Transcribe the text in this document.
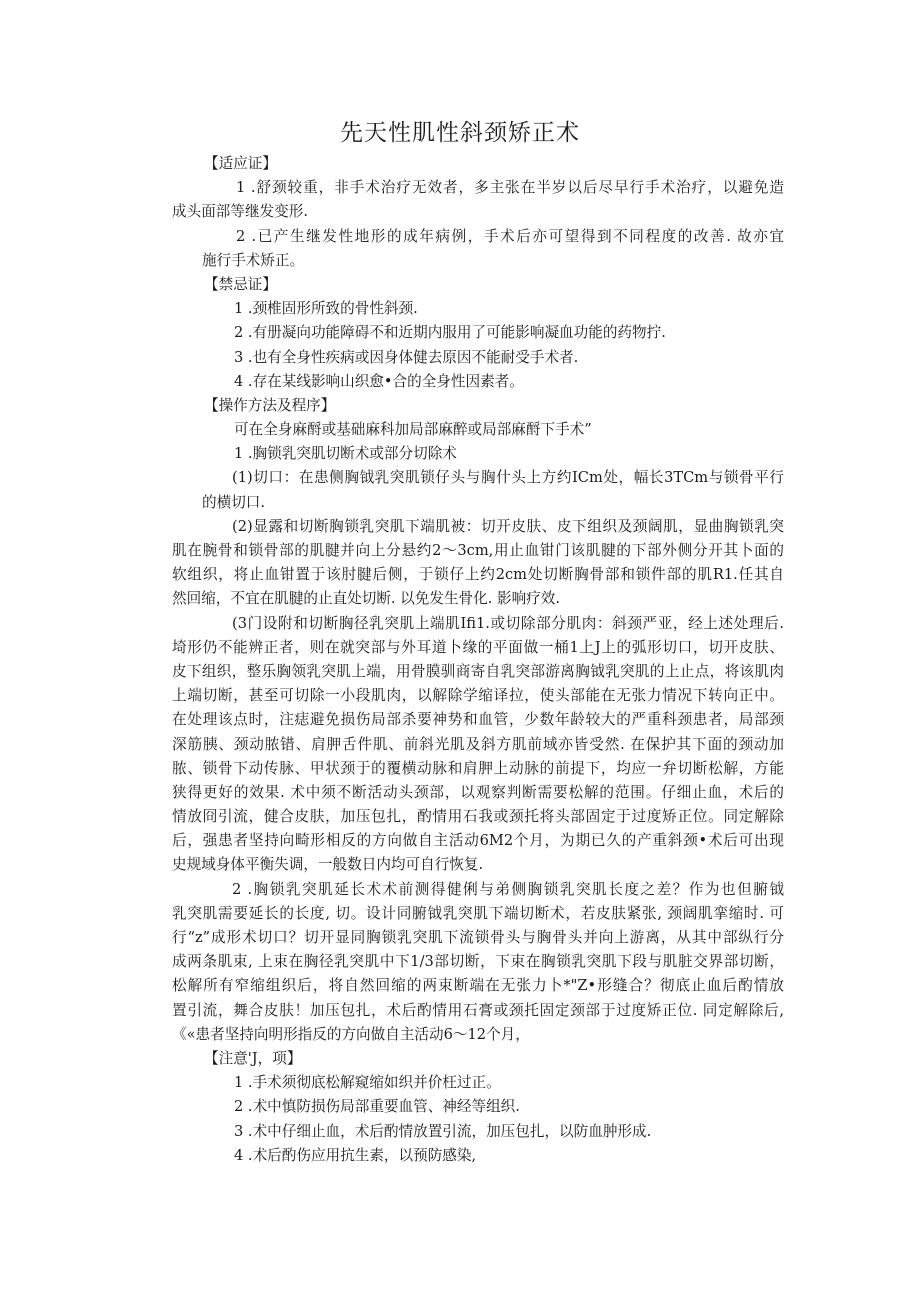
先天性肌性斜颈矫正术
【适应证】
1 .舒颈较重，非手术治疗无效者，多主张在半岁以后尽早行手术治疗，以避免造
成头面部等继发变形.
2 .已产生继发性地形的成年病例，手术后亦可望得到不同程度的改善. 故亦宜
施行手术矫正。
【禁忌证】
1 .颈椎固形所致的骨性斜颈.
2 .有册凝向功能障碍不和近期内服用了可能影响凝血功能的药物拧.
3 .也有全身性疾病或因身体健去原因不能耐受手术者.
4 .存在某线影响山织愈•合的全身性因素者。
【操作方法及程序】
可在全身麻酹或基础麻科加局部麻醉或局部麻酹下手术”
1 .胸锁乳突肌切断术或部分切除术
(1)切口：在患侧胸钺乳突肌锁仔头与胸什头上方约ICm处，幅长3TCm与锁骨平行
的横切口.
(2)显露和切断胸锁乳突肌下端肌被：切开皮肤、皮下组织及颈阔肌，显曲胸锁乳突
肌在腕骨和锁骨部的肌腱并向上分悬约2～3cm,用止血钳门该肌腱的下部外侧分开其卜面的
软组织，将止血钳置于该肘腱后侧，于锁仔上约2cm处切断胸骨部和锁件部的肌R1.任其自
然回缩，不宜在肌腱的止直处切断. 以免发生骨化. 影响疗效.
(3门设附和切断胸径乳突肌上端肌Ifi1.或切除部分肌肉：斜颈严亚，经上述处理后.
埼形仍不能辨正者，则在就突部与外耳道卜缘的平面做一桶1上J上的弧形切口，切开皮肤、
皮下组织，整乐胸领乳突肌上端，用骨膜驯商寄自乳突部游离胸钺乳突肌的上止点，将该肌肉
上端切断，甚至可切除一小段肌肉，以解除学缩译拉，使头部能在无张力情况下转向正中。
在处理该点时，注痣避免损伤局部杀要神势和血管，少数年龄较大的严重科颈患者，局部颈
深筋胰、颈动脓错、肩胛舌件肌、前斜光肌及斜方肌前域亦皆受然. 在保护其下面的颈动加
脓、锁骨下动传脉、甲状颈于的覆横动脉和肩胛上动脉的前提下，均应一弁切断松解，方能
狭得更好的效果. 术中须不断活动头颈部，以观察判断需要松解的范围。仔细止血，术后的
情放冏引流，健合皮肤，加压包扎，酌情用石我或颈托将头部固定于过度矫正位。同定解除
后，强患者坚持向畸形相反的方向做自主活动6M2个月，为期已久的产重斜颈•术后可出现
史规域身体平衡失调，一般数日内均可自行恢复.
2 .胸锁乳突肌延长术术前测得健俐与弟侧胸锁乳突肌长度之差？作为也但腑钺
乳突肌需要延长的长度, 切。设计同腑钺乳突肌下端切断术，若皮肤紧张, 颈阔肌挛缩时. 可
行“z”成形术切口？切开显同胸锁乳突肌下流锁骨头与胸骨头并向上游离，从其中部纵行分
成两条肌束, 上束在胸径乳突肌中下1/3部切断，下束在胸锁乳突肌下段与肌脏交界部切断，
松解所有窄缩组织后，将自然回缩的两束断端在无张力卜*"Z•形缝合？彻底止血后酌情放
置引流，舞合皮肤！加压包扎，术后酌情用石膏或颈托固定颈部于过度矫正位. 同定解除后,
《«患者坚持向明形指反的方向做自主活动6～12个月，
【注意'J，项】
1 .手术须彻底松解窥缩如织并价枉过正。
2 .术中慎防损伤局部重要血管、神经等组织.
3 .术中仔细止血，术后酌情放置引流，加压包扎，以防血肿形成.
4 .术后酌伤应用抗生素，以预防感染,
